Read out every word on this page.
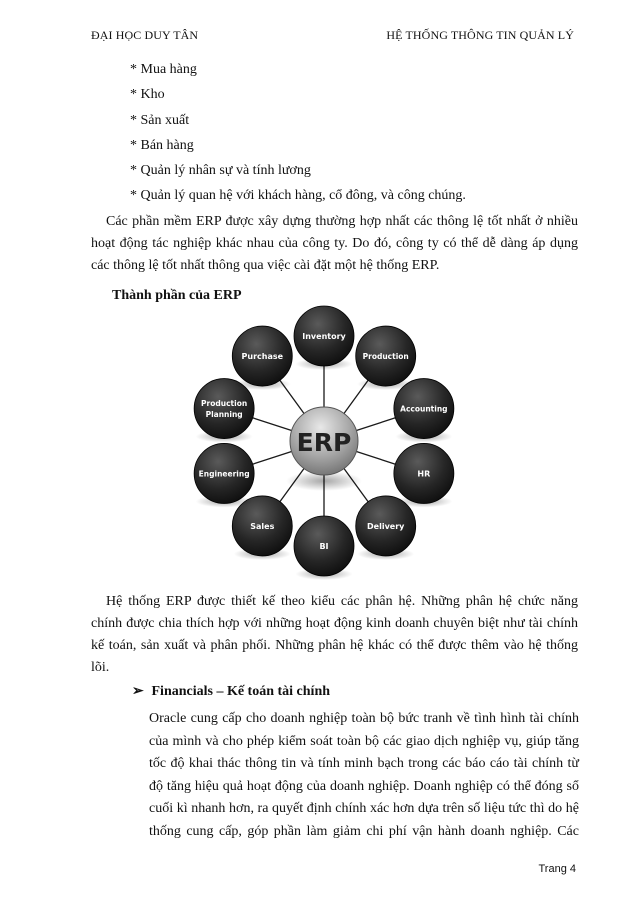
ĐẠI HỌC DUY TÂN	HỆ THỐNG THÔNG TIN QUẢN LÝ
* Mua hàng
* Kho
* Sản xuất
* Bán hàng
* Quản lý nhân sự và tính lương
* Quản lý quan hệ với khách hàng, cổ đông, và công chúng.
Các phần mềm ERP được xây dựng thường hợp nhất các thông lệ tốt nhất ở nhiều
hoạt động tác nghiệp khác nhau của công ty. Do đó, công ty có thể dễ dàng áp dụng
các thông lệ tốt nhất thông qua việc cài đặt một hệ thống ERP.
Thành phần của ERP
Inventory
Production
Accounting
HR
Delivery
BI
Sales
Engineering
Production
Planning
Purchase
ERP
Hệ thống ERP được thiết kế theo kiểu các phân hệ. Những phân hệ chức năng
chính được chia thích hợp với những hoạt động kinh doanh chuyên biệt như tài chính
kế toán, sản xuất và phân phối. Những phân hệ khác có thể được thêm vào hệ thống
lõi.
➢ Financials – Kế toán tài chính
Oracle cung cấp cho doanh nghiệp toàn bộ bức tranh về tình hình tài chính
của mình và cho phép kiểm soát toàn bộ các giao dịch nghiệp vụ, giúp tăng
tốc độ khai thác thông tin và tính minh bạch trong các báo cáo tài chính từ
độ tăng hiệu quả hoạt động của doanh nghiệp. Doanh nghiệp có thể đóng sổ
cuối kì nhanh hơn, ra quyết định chính xác hơn dựa trên số liệu tức thì do hệ
thống cung cấp, góp phần làm giảm chi phí vận hành doanh nghiệp. Các
Trang 4
